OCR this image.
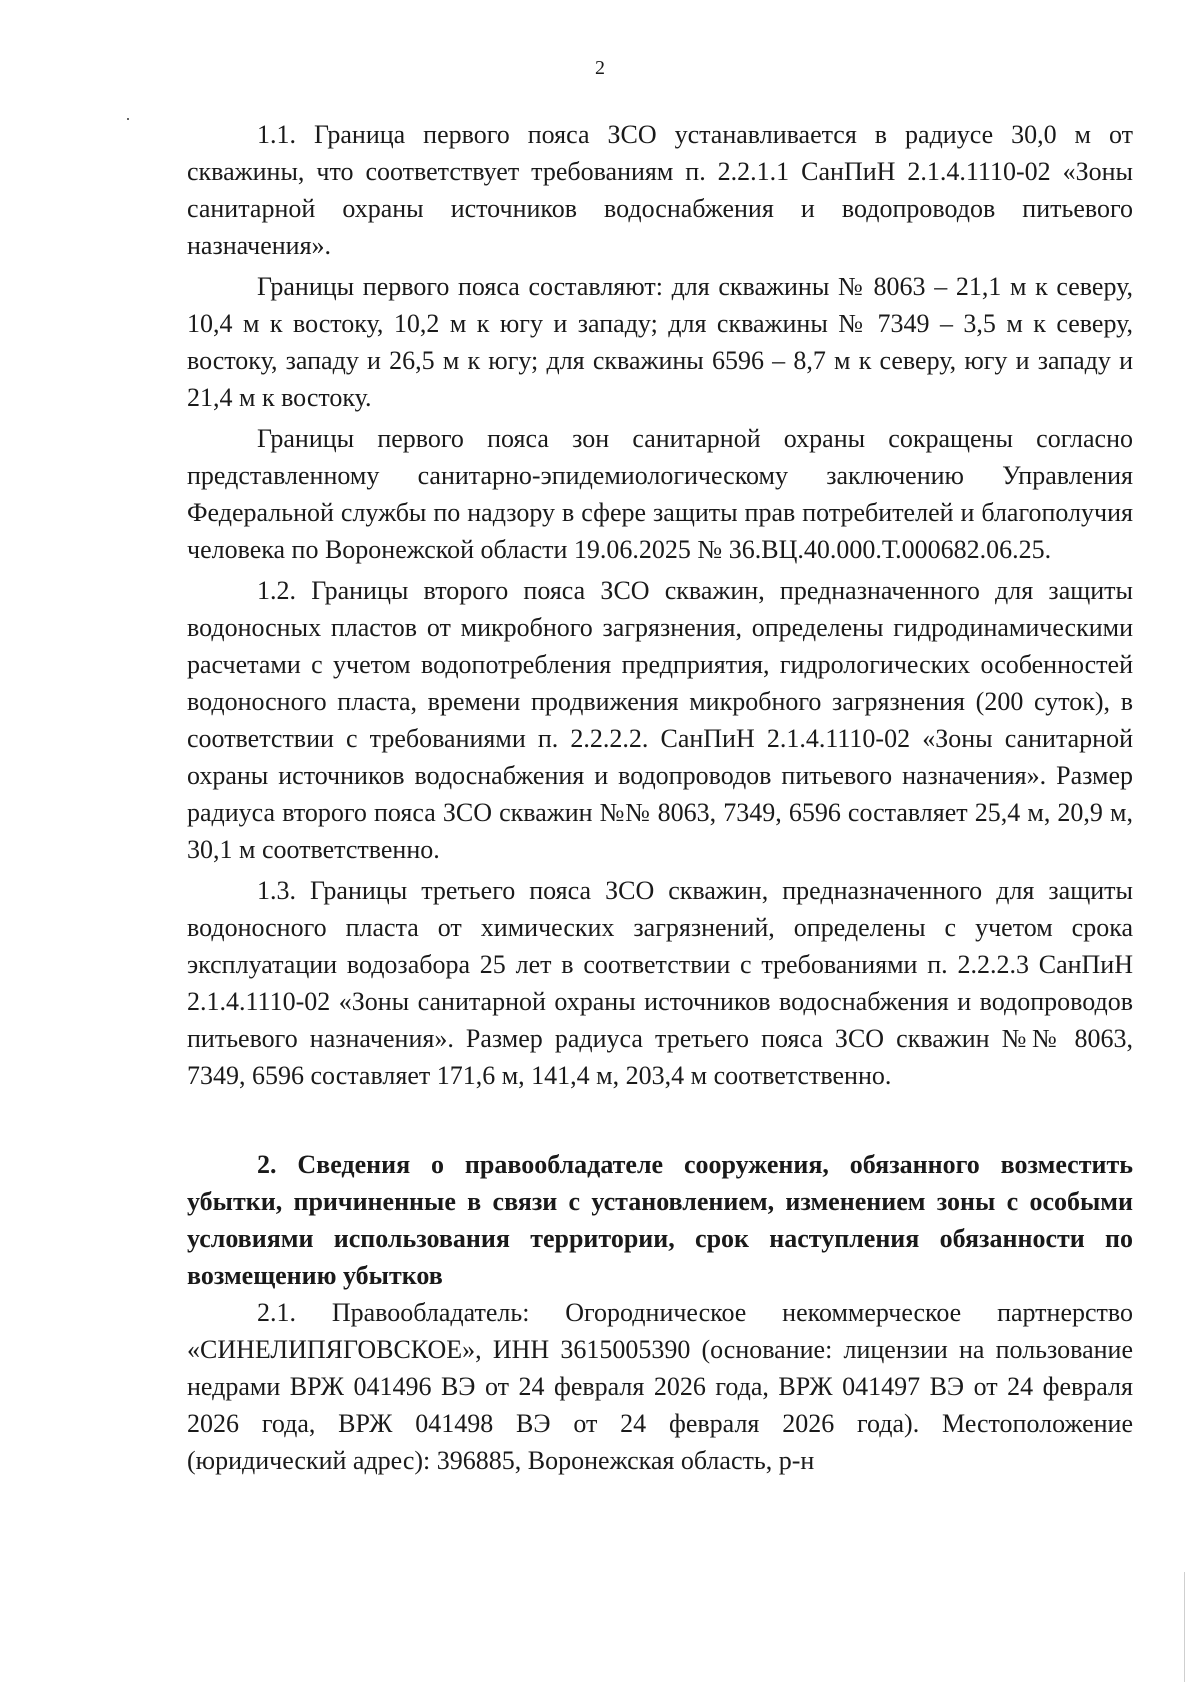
2

1.1. Граница первого пояса ЗСО устанавливается в радиусе 30,0 м от скважины, что соответствует требованиям п. 2.2.1.1 СанПиН 2.1.4.1110-02 «Зоны санитарной охраны источников водоснабжения и водопроводов питьевого назначения».

Границы первого пояса составляют: для скважины № 8063 – 21,1 м к северу, 10,4 м к востоку, 10,2 м к югу и западу; для скважины № 7349 – 3,5 м к северу, востоку, западу и 26,5 м к югу; для скважины 6596 – 8,7 м к северу, югу и западу и 21,4 м к востоку.

Границы первого пояса зон санитарной охраны сокращены согласно представленному санитарно-эпидемиологическому заключению Управления Федеральной службы по надзору в сфере защиты прав потребителей и благополучия человека по Воронежской области 19.06.2025 № 36.ВЦ.40.000.Т.000682.06.25.

1.2. Границы второго пояса ЗСО скважин, предназначенного для защиты водоносных пластов от микробного загрязнения, определены гидродинамическими расчетами с учетом водопотребления предприятия, гидрологических особенностей водоносного пласта, времени продвижения микробного загрязнения (200 суток), в соответствии с требованиями п. 2.2.2.2. СанПиН 2.1.4.1110-02 «Зоны санитарной охраны источников водоснабжения и водопроводов питьевого назначения». Размер радиуса второго пояса ЗСО скважин №№ 8063, 7349, 6596 составляет 25,4 м, 20,9 м, 30,1 м соответственно.

1.3. Границы третьего пояса ЗСО скважин, предназначенного для защиты водоносного пласта от химических загрязнений, определены с учетом срока эксплуатации водозабора 25 лет в соответствии с требованиями п. 2.2.2.3 СанПиН 2.1.4.1110-02 «Зоны санитарной охраны источников водоснабжения и водопроводов питьевого назначения». Размер радиуса третьего пояса ЗСО скважин №№ 8063, 7349, 6596 составляет 171,6 м, 141,4 м, 203,4 м соответственно.

2. Сведения о правообладателе сооружения, обязанного возместить убытки, причиненные в связи с установлением, изменением зоны с особыми условиями использования территории, срок наступления обязанности по возмещению убытков

2.1. Правообладатель: Огородническое некоммерческое партнерство «СИНЕЛИПЯГОВСКОЕ», ИНН 3615005390 (основание: лицензии на пользование недрами ВРЖ 041496 ВЭ от 24 февраля 2026 года, ВРЖ 041497 ВЭ от 24 февраля 2026 года, ВРЖ 041498 ВЭ от 24 февраля 2026 года). Местоположение (юридический адрес): 396885, Воронежская область, р-н
